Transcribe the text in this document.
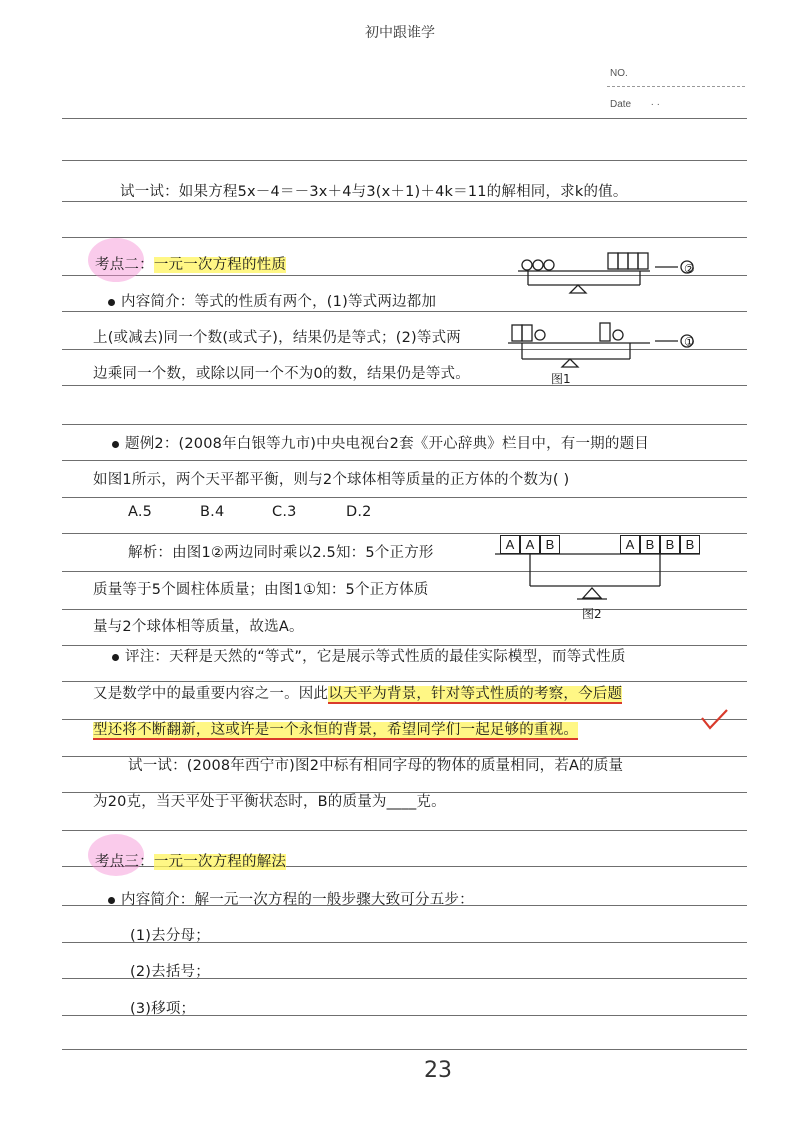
初中跟谁学
NO.
Date · ·
试一试：如果方程5x－4＝－3x＋4与3(x＋1)＋4k＝11的解相同，求k的值。
考点二：一元一次方程的性质
内容简介：等式的性质有两个，(1)等式两边都加
上(或减去)同一个数(或式子)，结果仍是等式；(2)等式两
边乘同一个数，或除以同一个不为0的数，结果仍是等式。
②
①
图1
题例2：(2008年白银等九市)中央电视台2套《开心辞典》栏目中，有一期的题目
如图1所示，两个天平都平衡，则与2个球体相等质量的正方体的个数为( )
A.5	B.4	C.3	D.2
解析：由图1②两边同时乘以2.5知：5个正方形
质量等于5个圆柱体质量；由图1①知：5个正方体质
量与2个球体相等质量，故选A。
A A B	A B B B
图2
评注：天秤是天然的“等式”，它是展示等式性质的最佳实际模型，而等式性质
又是数学中的最重要内容之一。因此以天平为背景，针对等式性质的考察，今后题
型还将不断翻新，这或许是一个永恒的背景，希望同学们一起足够的重视。
试一试：(2008年西宁市)图2中标有相同字母的物体的质量相同，若A的质量
为20克，当天平处于平衡状态时，B的质量为____克。
考点三：一元一次方程的解法
内容简介：解一元一次方程的一般步骤大致可分五步：
(1)去分母；
(2)去括号；
(3)移项；
23
